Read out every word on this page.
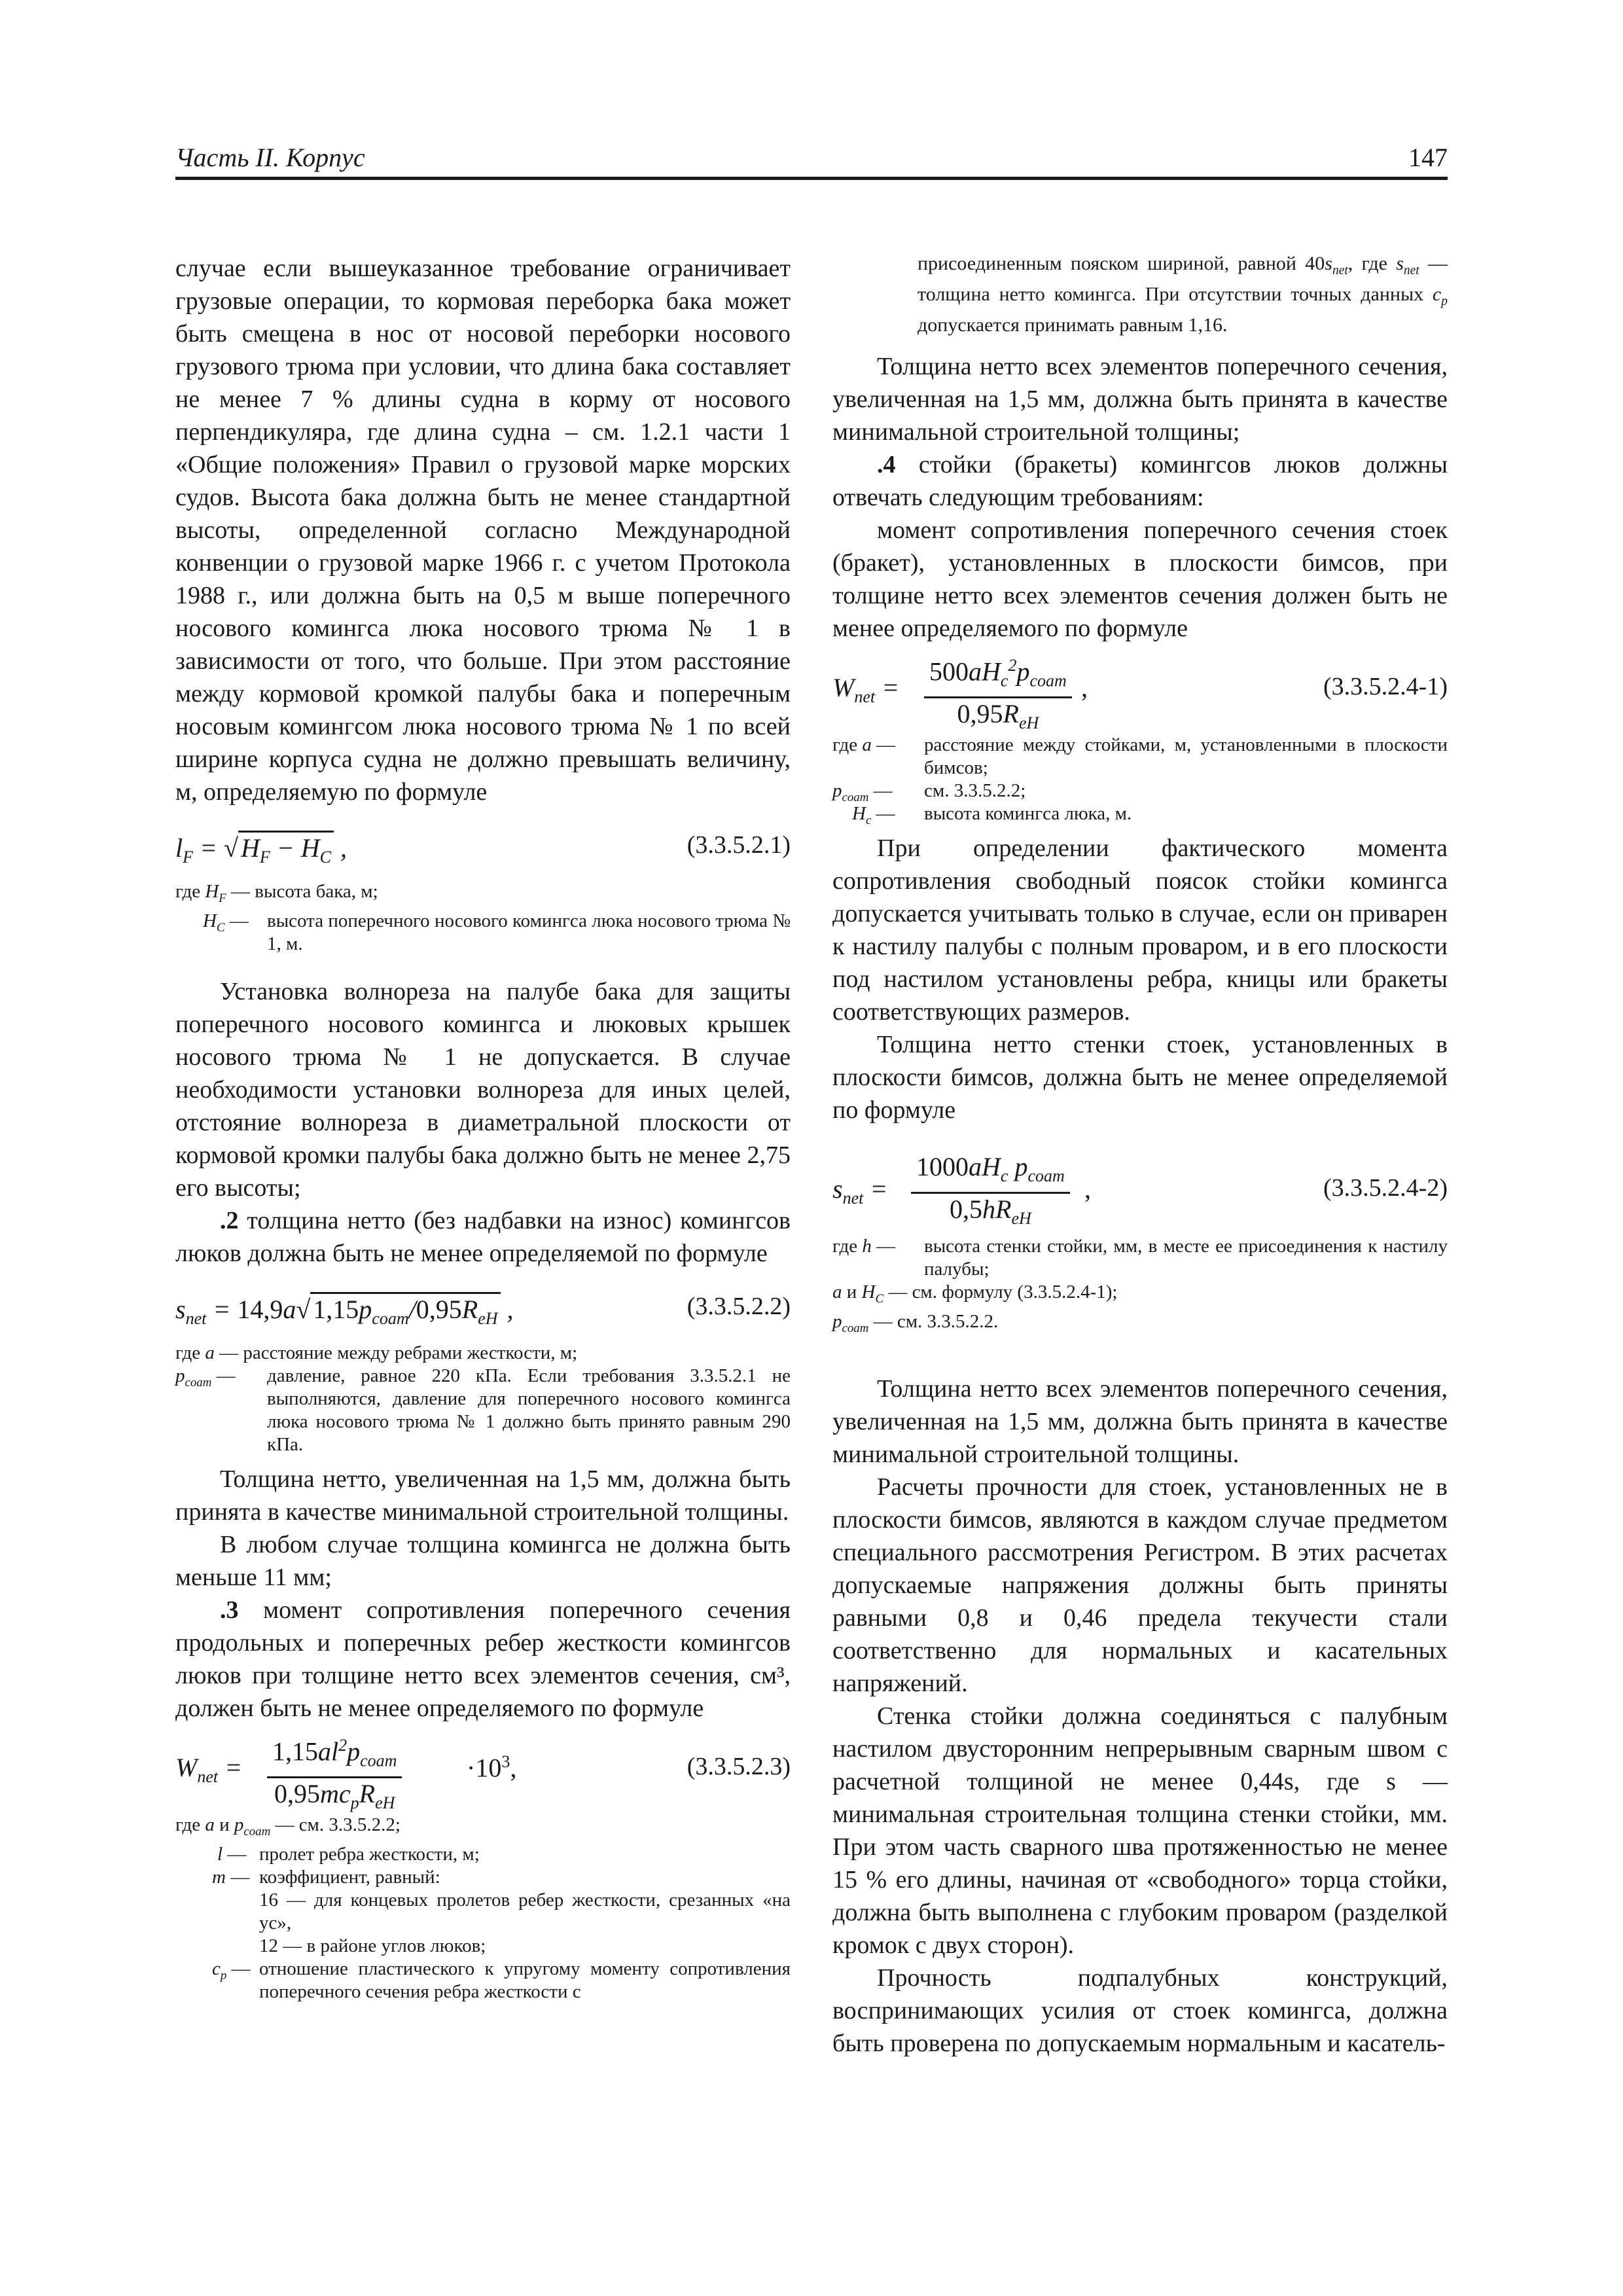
Часть II. Корпус	147

случае если вышеуказанное требование ограничивает грузовые операции, то кормовая переборка бака может быть смещена в нос от носовой переборки носового грузового трюма при условии, что длина бака составляет не менее 7 % длины судна в корму от носового перпендикуляра, где длина судна – см. 1.2.1 части 1 «Общие положения» Правил о грузовой марке морских судов. Высота бака должна быть не менее стандартной высоты, определенной согласно Международной конвенции о грузовой марке 1966 г. с учетом Протокола 1988 г., или должна быть на 0,5 м выше поперечного носового комингса люка носового трюма № 1 в зависимости от того, что больше. При этом расстояние между кормовой кромкой палубы бака и поперечным носовым комингсом люка носового трюма № 1 по всей ширине корпуса судна не должно превышать величину, м, определяемую по формуле

$l_F$ = √ $H_F - H_C$ ,	(3.3.5.2.1)
где $H_F$ — высота бака, м;
$H_C$ — высота поперечного носового комингса люка носового трюма № 1, м.

Установка волнореза на палубе бака для защиты поперечного носового комингса и люковых крышек носового трюма № 1 не допускается. В случае необходимости установки волнореза для иных целей, отстояние волнореза в диаметральной плоскости от кормовой кромки палубы бака должно быть не менее 2,75 его высоты;

.2 толщина нетто (без надбавки на износ) комингсов люков должна быть не менее определяемой по формуле

$s_{net} = 14,9a√$ $1,15p_{coam}/0,95R_{eH}$ ,	(3.3.5.2.2)
где a — расстояние между ребрами жесткости, м;
$p_{coam}$ —	давление, равное 220 кПа. Если требования 3.3.5.2.1 не выполняются, давление для поперечного носового комингса люка носового трюма № 1 должно быть принято равным 290 кПа.

Толщина нетто, увеличенная на 1,5 мм, должна быть принята в качестве минимальной строительной толщины.

В любом случае толщина комингса не должна быть меньше 11 мм;

.3 момент сопротивления поперечного сечения продольных и поперечных ребер жесткости комингсов люков при толщине нетто всех элементов сечения, см³, должен быть не менее определяемого по формуле

$W_{net}$ =
$1,15al^2p_{coam}$
$0,95mc_pR_{eH}$
$\cdot 10^3$,	(3.3.5.2.3)
где a и $p_{coam}$ — см. 3.3.5.2.2;
l — пролет ребра жесткости, м;
m — коэффициент, равный:
16 — для концевых пролетов ребер жесткости, срезанных «на ус»,
12 — в районе углов люков;
$c_p$ — отношение пластического к упругому моменту сопротивления поперечного сечения ребра жесткости с
присоединенным пояском шириной, равной $40s_{net}$, где $s_{net}$ — толщина нетто комингса. При отсутствии точных данных $c_p$ допускается принимать равным 1,16.

Толщина нетто всех элементов поперечного сечения, увеличенная на 1,5 мм, должна быть принята в качестве минимальной строительной толщины;

.4 стойки (бракеты) комингсов люков должны отвечать следующим требованиям:

момент сопротивления поперечного сечения стоек (бракет), установленных в плоскости бимсов, при толщине нетто всех элементов сечения должен быть не менее определяемого по формуле

$W_{net}$ =
$500aH_c^2p_{coam}$
$0,95R_{eH}$
,	(3.3.5.2.4-1)
где a —	расстояние между стойками, м, установленными в плоскости бимсов;
$p_{coam}$ —	см. 3.3.5.2.2;
$H_c$ —	высота комингса люка, м.

При определении фактического момента сопротивления свободный поясок стойки комингса допускается учитывать только в случае, если он приварен к настилу палубы с полным проваром, и в его плоскости под настилом установлены ребра, кницы или бракеты соответствующих размеров.

Толщина нетто стенки стоек, установленных в плоскости бимсов, должна быть не менее определяемой по формуле

$s_{net}$ =
$1000aH_c$ $p_{coam}$
$0,5hR_{eH}$
,	(3.3.5.2.4-2)
где h —	высота стенки стойки, мм, в месте ее присоединения к настилу палубы;
a и $H_C$ — см. формулу (3.3.5.2.4-1);
$p_{coam}$ — см. 3.3.5.2.2.

Толщина нетто всех элементов поперечного сечения, увеличенная на 1,5 мм, должна быть принята в качестве минимальной строительной толщины.

Расчеты прочности для стоек, установленных не в плоскости бимсов, являются в каждом случае предметом специального рассмотрения Регистром. В этих расчетах допускаемые напряжения должны быть приняты равными 0,8 и 0,46 предела текучести стали соответственно для нормальных и касательных напряжений.

Стенка стойки должна соединяться с палубным настилом двусторонним непрерывным сварным швом с расчетной толщиной не менее 0,44s, где s — минимальная строительная толщина стенки стойки, мм. При этом часть сварного шва протяженностью не менее 15 % его длины, начиная от «свободного» торца стойки, должна быть выполнена с глубоким проваром (разделкой кромок с двух сторон).

Прочность подпалубных конструкций, воспринимающих усилия от стоек комингса, должна быть проверена по допускаемым нормальным и касатель-
